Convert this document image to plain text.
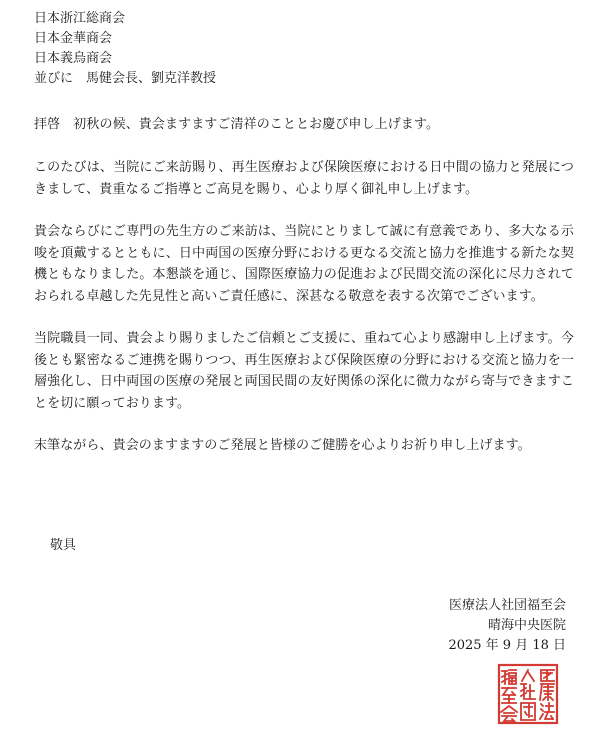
日本浙江総商会
日本金華商会
日本義烏商会
並びに　馬健会長、劉克洋教授
拝啓　初秋の候、貴会ますますご清祥のこととお慶び申し上げます。
このたびは、当院にご来訪賜り、再生医療および保険医療における日中間の協力と発展につきまして、貴重なるご指導とご高見を賜り、心より厚く御礼申し上げます。
貴会ならびにご専門の先生方のご来訪は、当院にとりまして誠に有意義であり、多大なる示唆を頂戴するとともに、日中両国の医療分野における更なる交流と協力を推進する新たな契機ともなりました。本懇談を通じ、国際医療協力の促進および民間交流の深化に尽力されておられる卓越した先見性と高いご責任感に、深甚なる敬意を表する次第でございます。
当院職員一同、貴会より賜りましたご信頼とご支援に、重ねて心より感謝申し上げます。今後とも緊密なるご連携を賜りつつ、再生医療および保険医療の分野における交流と協力を一層強化し、日中両国の医療の発展と両国民間の友好関係の深化に微力ながら寄与できますことを切に願っております。
末筆ながら、貴会のますますのご発展と皆様のご健勝を心よりお祈り申し上げます。
敬具
医療法人社団福至会
晴海中央医院
2025 年 9 月 18 日
